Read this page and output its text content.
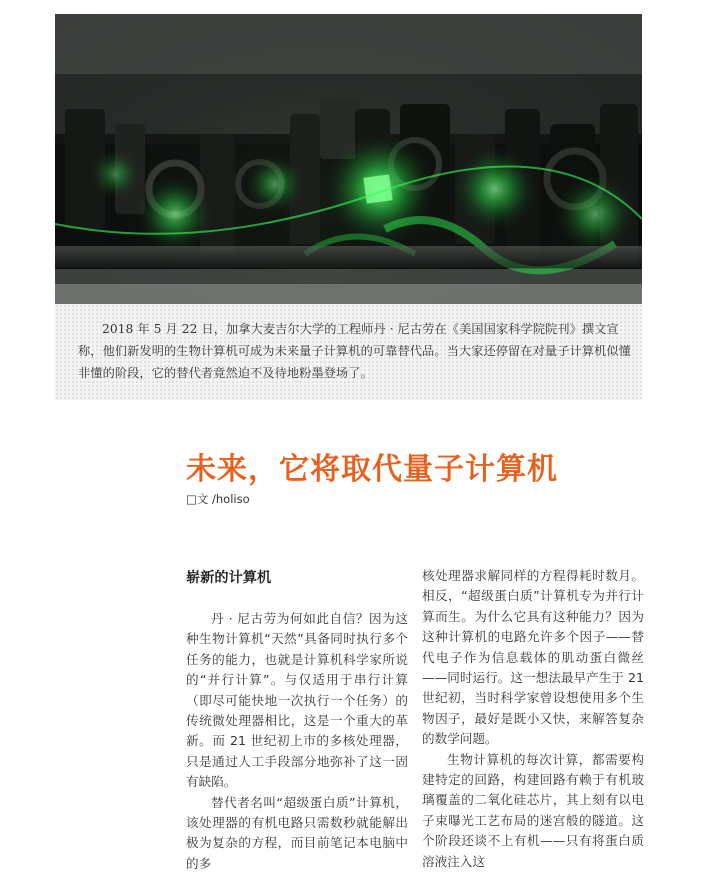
2018 年 5 月 22 日，加拿大麦吉尔大学的工程师丹 · 尼古劳在《美国国家科学院院刊》撰文宣称，他们新发明的生物计算机可成为未来量子计算机的可靠替代品。当大家还停留在对量子计算机似懂非懂的阶段，它的替代者竟然迫不及待地粉墨登场了。

未来，它将取代量子计算机

□文 /holiso

崭新的计算机

丹 · 尼古劳为何如此自信？因为这种生物计算机“天然”具备同时执行多个任务的能力，也就是计算机科学家所说的“并行计算”。与仅适用于串行计算（即尽可能快地一次执行一个任务）的传统微处理器相比，这是一个重大的革新。而 21 世纪初上市的多核处理器，只是通过人工手段部分地弥补了这一固有缺陷。

替代者名叫“超级蛋白质”计算机，该处理器的有机电路只需数秒就能解出极为复杂的方程，而目前笔记本电脑中的多

核处理器求解同样的方程得耗时数月。相反，“超级蛋白质”计算机专为并行计算而生。为什么它具有这种能力？因为这种计算机的电路允许多个因子——替代电子作为信息载体的肌动蛋白微丝——同时运行。这一想法最早产生于 21 世纪初，当时科学家曾设想使用多个生物因子，最好是既小又快，来解答复杂的数学问题。

生物计算机的每次计算，都需要构建特定的回路，构建回路有赖于有机玻璃覆盖的二氧化硅芯片，其上刻有以电子束曝光工艺布局的迷宫般的隧道。这个阶段还谈不上有机——只有将蛋白质溶液注入这
